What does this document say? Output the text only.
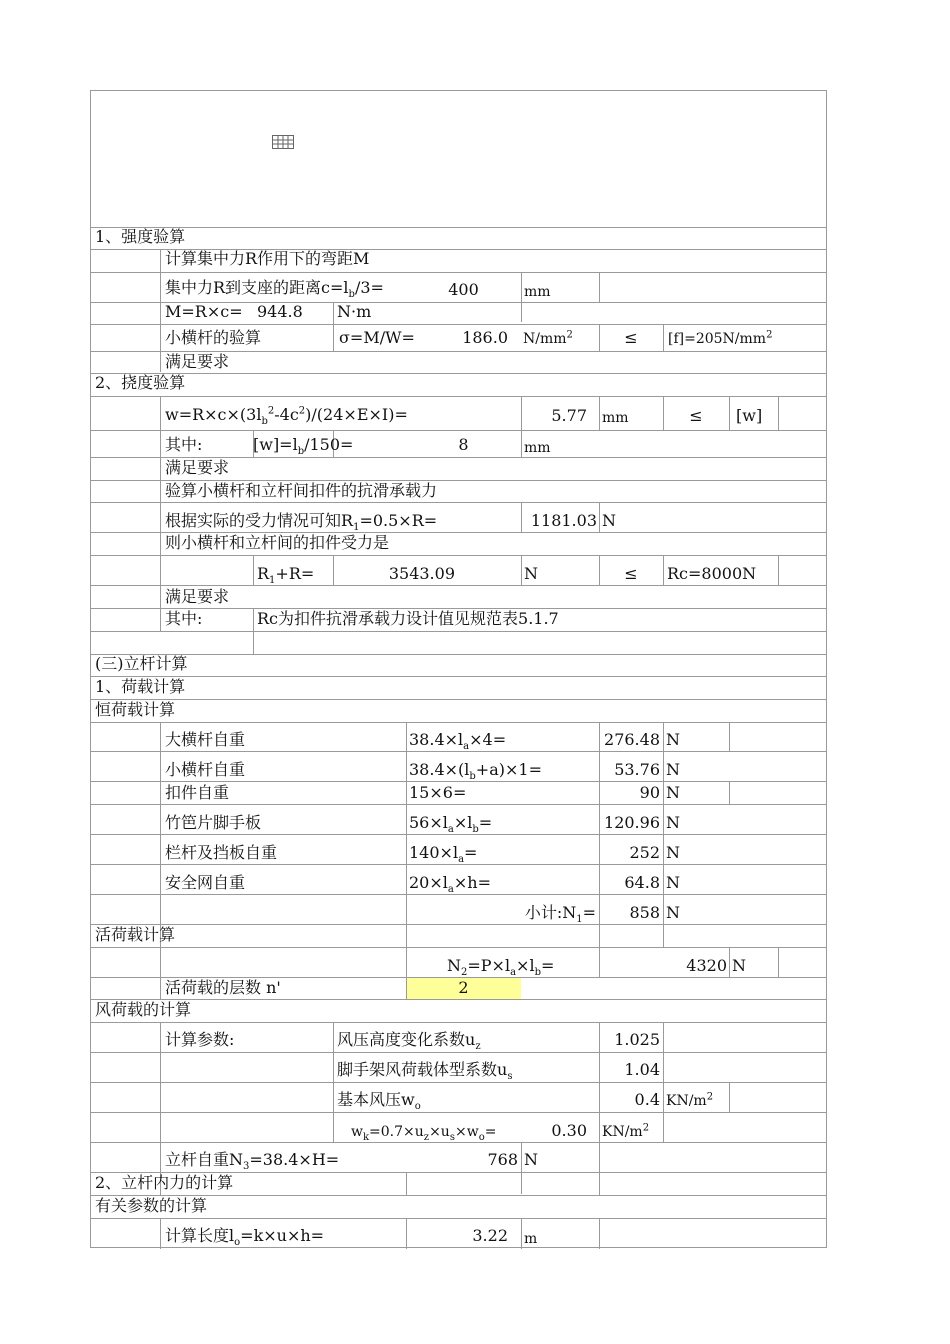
1、强度验算
计算集中力R作用下的弯距M
集中力R到支座的距离$c=l_b/3=$	400	mm
M=R×c= 944.8 N·m
小横杆的验算	σ=M/W=	186.0 $N/mm^2$	≤	$[f]=205N/mm^2$
满足要求
2、挠度验算
$w=R\times c\times(3l_b^2-4c^2)/(24\times E\times I)=$	5.77 mm	≤	[w]
其中:	$[w]=l_b/150=$	8	mm
满足要求
验算小横杆和立杆间扣件的抗滑承载力
根据实际的受力情况可知$R_1=0.5\times R=$	1181.03 N
则小横杆和立杆间的扣件受力是
$R_1+R=$	3543.09	N	≤	Rc=8000N
满足要求
其中:	Rc为扣件抗滑承载力设计值见规范表5.1.7
(三)立杆计算
1、荷载计算
恒荷载计算
大横杆自重	$38.4\times l_a\times 4=$	276.48 N
小横杆自重	$38.4\times(l_b+a)\times 1=$	53.76 N
扣件自重	15×6=	90 N
竹笆片脚手板	$56\times l_a\times l_b=$	120.96 N
栏杆及挡板自重	$140\times l_a=$	252 N
安全网自重	$20\times l_a\times h=$	64.8 N
小计$:N_1=$	858 N
活荷载计算
$N_2=P\times l_a\times l_b=$	4320 N
活荷载的层数 n'	2
风荷载的计算
计算参数:	风压高度变化系数$u_z$	1.025
脚手架风荷载体型系数$u_s$	1.04
基本风压$w_o$	0.4 $KN/m^2$
$w_k=0.7\times u_z\times u_s\times w_o=$	0.30 $KN/m^2$
立杆自重$N_3=38.4\times H=$	768 N
2、立杆内力的计算
有关参数的计算
计算长度$l_o=k\times u\times h=$	3.22 m
